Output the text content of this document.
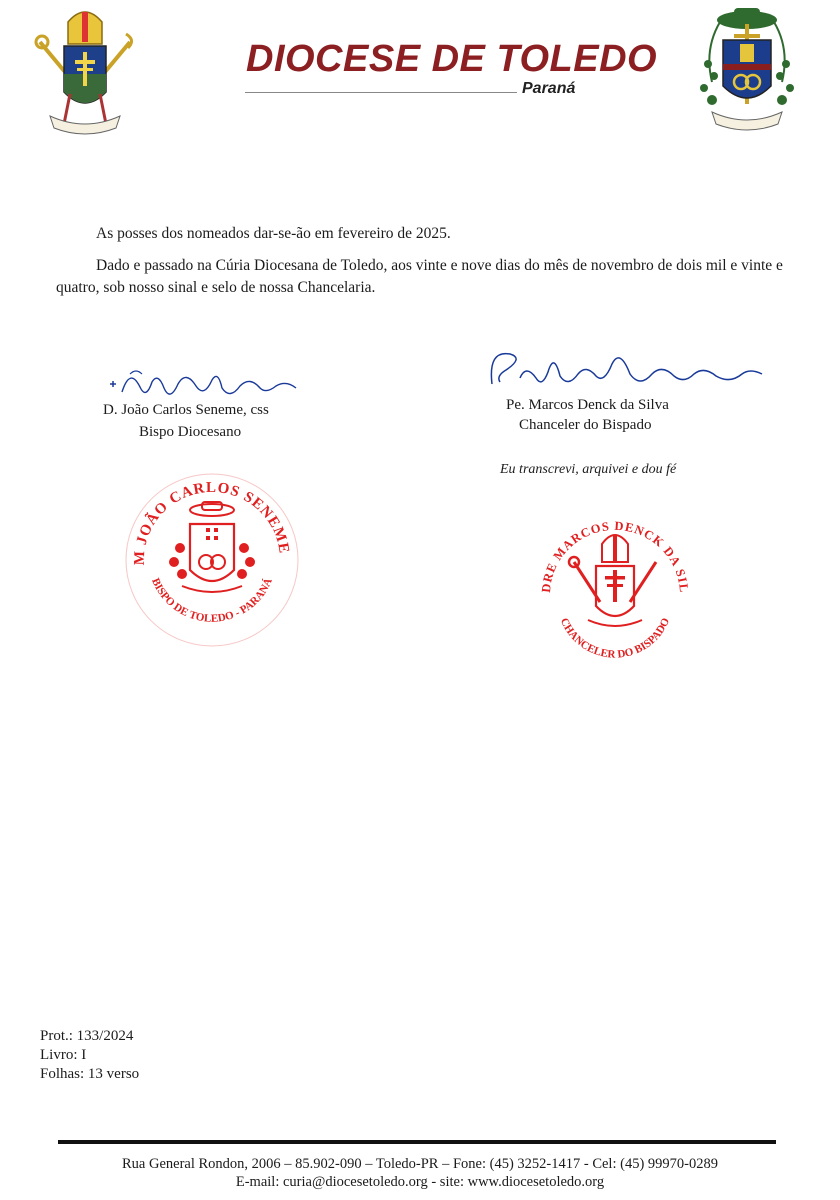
DIOCESE DE TOLEDO
Paraná
As posses dos nomeados dar-se-ão em fevereiro de 2025.
Dado e passado na Cúria Diocesana de Toledo, aos vinte e nove dias do mês de novembro de dois mil e vinte e quatro, sob nosso sinal e selo de nossa Chancelaria.
D. João Carlos Seneme, css
Bispo Diocesano
Pe. Marcos Denck da Silva
Chanceler do Bispado
Eu transcrevi, arquivei e dou fé
M JOÃO CARLOS SENEME
BISPO DE TOLEDO - PARANÁ	DRE MARCOS DENCK DA SIL
CHANCELER DO BISPADO
Prot.: 133/2024
Livro: I
Folhas: 13 verso
Rua General Rondon, 2006 – 85.902-090 – Toledo-PR – Fone: (45) 3252-1417 - Cel: (45) 99970-0289
E-mail: curia@diocesetoledo.org - site: www.diocesetoledo.org
